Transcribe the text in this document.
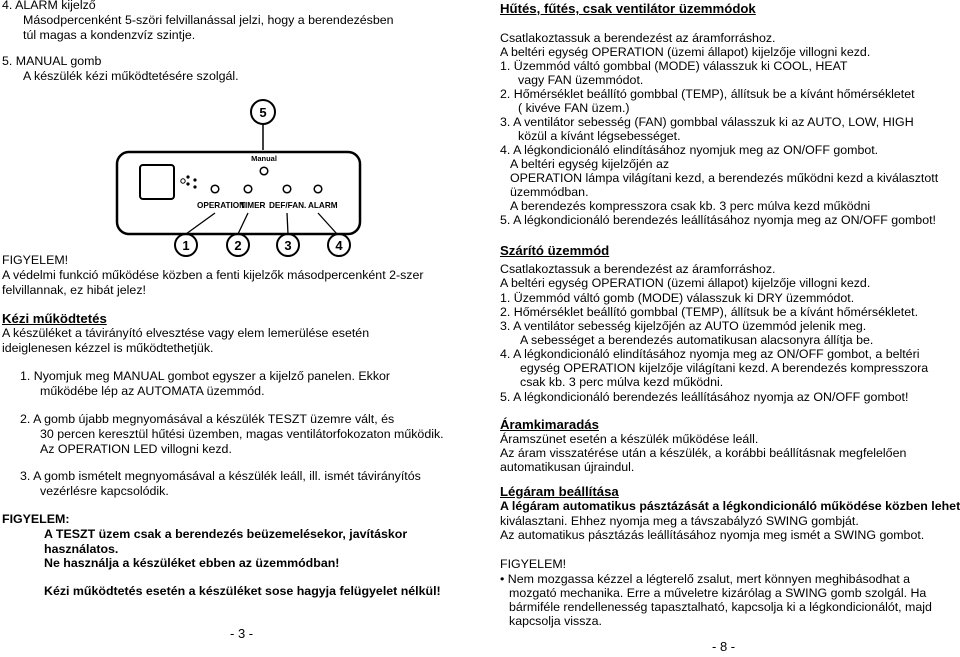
4. ALARM kijelző
Másodpercenként 5-szöri felvillanással jelzi, hogy a berendezésben
túl magas a kondenzvíz szintje.
5. MANUAL gomb
A készülék kézi működtetésére szolgál.
5
Manual
OPERATION
TIMER DEF/FAN. ALARM
1	2	3	4
FIGYELEM!
A védelmi funkció működése közben a fenti kijelzők másodpercenként 2-szer
felvillannak, ez hibát jelez!
Kézi működtetés
A készüléket a távirányító elvesztése vagy elem lemerülése esetén
ideiglenesen kézzel is működtethetjük.
1. Nyomjuk meg MANUAL gombot egyszer a kijelző panelen. Ekkor
működébe lép az AUTOMATA üzemmód.
2. A gomb újabb megnyomásával a készülék TESZT üzemre vált, és
30 percen keresztül hűtési üzemben, magas ventilátorfokozaton működik.
Az OPERATION LED villogni kezd.
3. A gomb ismételt megnyomásával a készülék leáll, ill. ismét távirányítós
vezérlésre kapcsolódik.
FIGYELEM:
A TESZT üzem csak a berendezés beüzemelésekor, javításkor
használatos.
Ne használja a készüléket ebben az üzemmódban!
Kézi működtetés esetén a készüléket sose hagyja felügyelet nélkül!
- 3 -
Hűtés, fűtés, csak ventilátor üzemmódok
Csatlakoztassuk a berendezést az áramforráshoz.
A beltéri egység OPERATION (üzemi állapot) kijelzője villogni kezd.
1. Üzemmód váltó gombbal (MODE) válasszuk ki COOL, HEAT
vagy FAN üzemmódot.
2. Hőmérséklet beállító gombbal (TEMP), állítsuk be a kívánt hőmérsékletet
( kivéve FAN üzem.)
3. A ventilátor sebesség (FAN) gombbal válasszuk ki az AUTO, LOW, HIGH
közül a kívánt légsebességet.
4. A légkondicionáló elindításához nyomjuk meg az ON/OFF gombot.
A beltéri egység kijelzőjén az
OPERATION lámpa világítani kezd, a berendezés működni kezd a kiválasztott
üzemmódban.
A berendezés kompresszora csak kb. 3 perc múlva kezd működni
5. A légkondicionáló berendezés leállításához nyomja meg az ON/OFF gombot!
Szárító üzemmód
Csatlakoztassuk a berendezést az áramforráshoz.
A beltéri egység OPERATION (üzemi állapot) kijelzője villogni kezd.
1. Üzemmód váltó gomb (MODE) válasszuk ki DRY üzemmódot.
2. Hőmérséklet beállító gombbal (TEMP), állítsuk be a kívánt hőmérsékletet.
3. A ventilátor sebesség kijelzőjén az AUTO üzemmód jelenik meg.
A sebességet a berendezés automatikusan alacsonyra állítja be.
4. A légkondicionáló elindításához nyomja meg az ON/OFF gombot, a beltéri
egység OPERATION kijelzője világítani kezd. A berendezés kompresszora
csak kb. 3 perc múlva kezd működni.
5. A légkondicionáló berendezés leállításához nyomja az ON/OFF gombot!
Áramkimaradás
Áramszünet esetén a készülék működése leáll.
Az áram visszatérése után a készülék, a korábbi beállításnak megfelelően
automatikusan újraindul.
Légáram beállítása
A légáram automatikus pásztázását a légkondicionáló működése közben lehet
kiválasztani. Ehhez nyomja meg a távszabályzó SWING gombját.
Az automatikus pásztázás leállításához nyomja meg ismét a SWING gombot.
FIGYELEM!
• Nem mozgassa kézzel a légterelő zsalut, mert könnyen meghibásodhat a
mozgató mechanika. Erre a műveletre kizárólag a SWING gomb szolgál. Ha
bármiféle rendellenesség tapasztalható, kapcsolja ki a légkondicionálót, majd
kapcsolja vissza.
- 8 -
